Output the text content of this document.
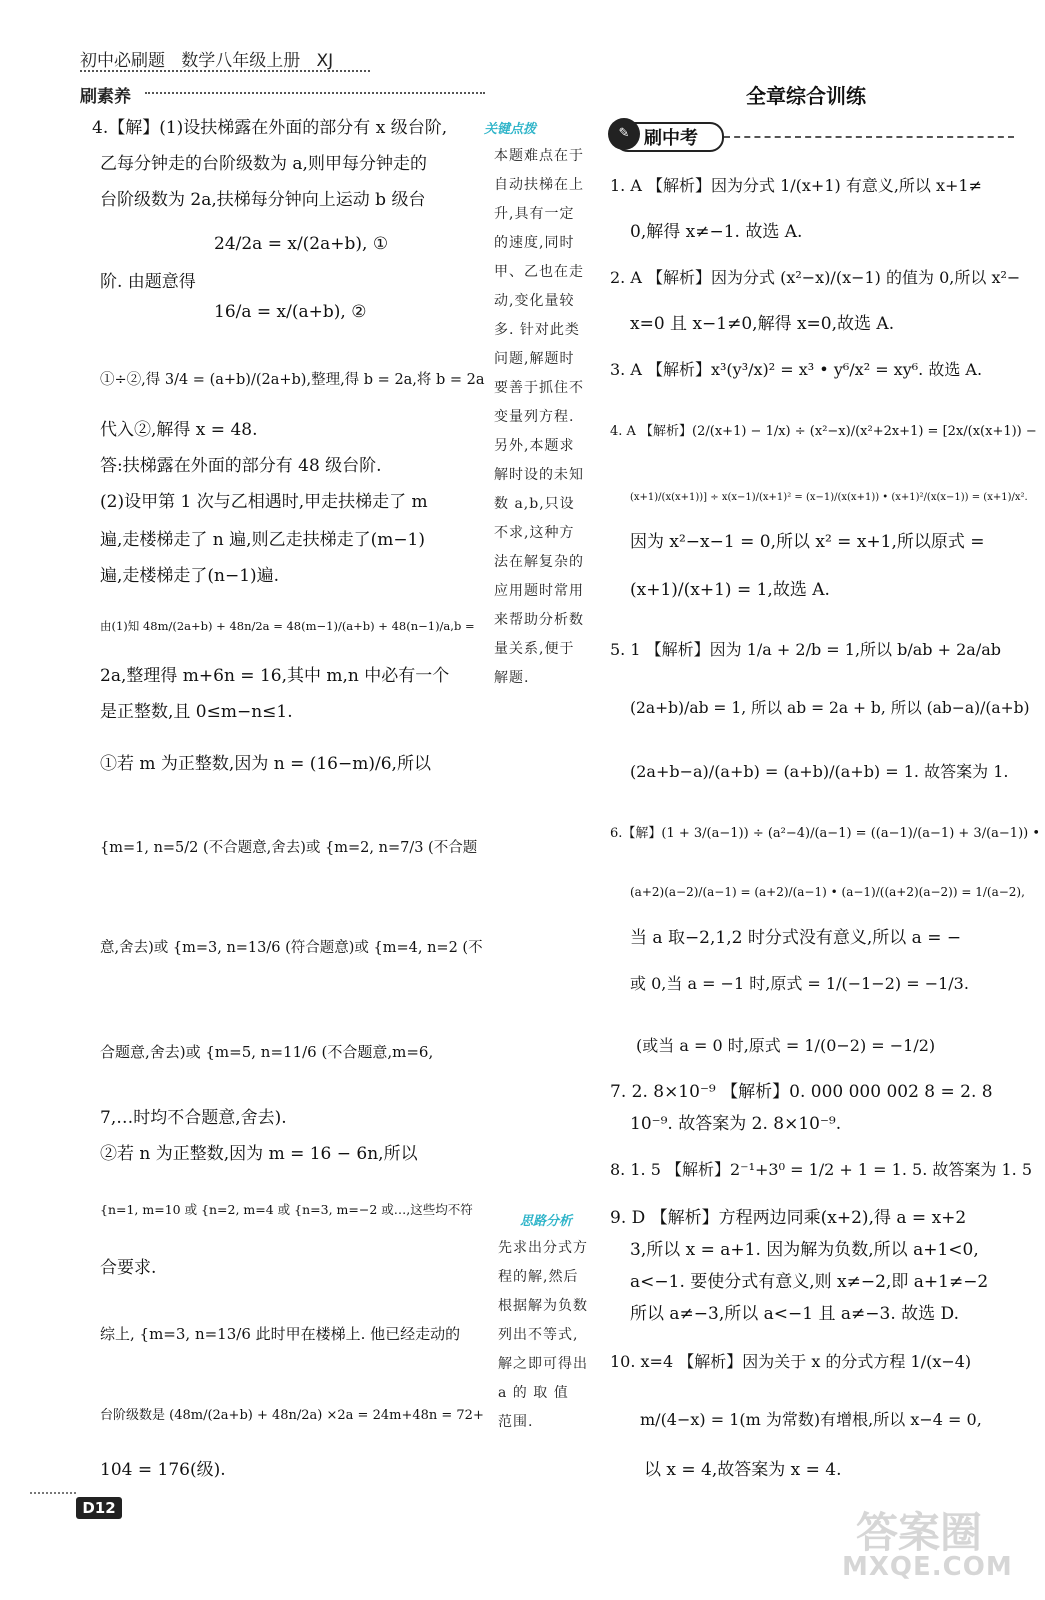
初中必刷题 数学八年级上册 XJ
刷素养	全章综合训练
✎ 刷中考
4.【解】(1)设扶梯露在外面的部分有 x 级台阶,
乙每分钟走的台阶级数为 a,则甲每分钟走的
台阶级数为 2a,扶梯每分钟向上运动 b 级台
24/2a = x/(2a+b), ①
阶. 由题意得
16/a = x/(a+b), ②
①÷②,得 3/4 = (a+b)/(2a+b),整理,得 b = 2a,将 b = 2a
代入②,解得 x = 48.
答:扶梯露在外面的部分有 48 级台阶.
(2)设甲第 1 次与乙相遇时,甲走扶梯走了 m
遍,走楼梯走了 n 遍,则乙走扶梯走了(m−1)
遍,走楼梯走了(n−1)遍.
由(1)知 48m/(2a+b) + 48n/2a = 48(m−1)/(a+b) + 48(n−1)/a,b =
2a,整理得 m+6n = 16,其中 m,n 中必有一个
是正整数,且 0≤m−n≤1.
①若 m 为正整数,因为 n = (16−m)/6,所以
{m=1, n=5/2 (不合题意,舍去)或 {m=2, n=7/3 (不合题
意,舍去)或 {m=3, n=13/6 (符合题意)或 {m=4, n=2 (不
合题意,舍去)或 {m=5, n=11/6 (不合题意,m=6,
7,…时均不合题意,舍去).
②若 n 为正整数,因为 m = 16 − 6n,所以
{n=1, m=10 或 {n=2, m=4 或 {n=3, m=−2 或…,这些均不符
合要求.
综上, {m=3, n=13/6 此时甲在楼梯上. 他已经走动的
台阶级数是 (48m/(2a+b) + 48n/2a) ×2a = 24m+48n = 72+
104 = 176(级).
关键点拨
本题难点在于
自动扶梯在上
升,具有一定
的速度,同时
甲、乙也在走
动,变化量较
多. 针对此类
问题,解题时
要善于抓住不
变量列方程.
另外,本题求
解时设的未知
数 a,b,只设
不求,这种方
法在解复杂的
应用题时常用
来帮助分析数
量关系,便于
解题.
思路分析
先求出分式方
程的解,然后
根据解为负数
列出不等式,
解之即可得出
a 的 取 值
范围.
1. A 【解析】因为分式 1/(x+1) 有意义,所以 x+1≠
0,解得 x≠−1. 故选 A.
2. A 【解析】因为分式 (x²−x)/(x−1) 的值为 0,所以 x²−
x=0 且 x−1≠0,解得 x=0,故选 A.
3. A 【解析】x³(y³/x)² = x³ • y⁶/x² = xy⁶. 故选 A.
4. A 【解析】(2/(x+1) − 1/x) ÷ (x²−x)/(x²+2x+1) = [2x/(x(x+1)) −
(x+1)/(x(x+1))] ÷ x(x−1)/(x+1)² = (x−1)/(x(x+1)) • (x+1)²/(x(x−1)) = (x+1)/x².
因为 x²−x−1 = 0,所以 x² = x+1,所以原式 =
(x+1)/(x+1) = 1,故选 A.
5. 1 【解析】因为 1/a + 2/b = 1,所以 b/ab + 2a/ab
(2a+b)/ab = 1, 所以 ab = 2a + b, 所以 (ab−a)/(a+b)
(2a+b−a)/(a+b) = (a+b)/(a+b) = 1. 故答案为 1.
6.【解】(1 + 3/(a−1)) ÷ (a²−4)/(a−1) = ((a−1)/(a−1) + 3/(a−1)) •
(a+2)(a−2)/(a−1) = (a+2)/(a−1) • (a−1)/((a+2)(a−2)) = 1/(a−2),
当 a 取−2,1,2 时分式没有意义,所以 a = −
或 0,当 a = −1 时,原式 = 1/(−1−2) = −1/3.
(或当 a = 0 时,原式 = 1/(0−2) = −1/2)
7. 2. 8×10⁻⁹ 【解析】0. 000 000 002 8 = 2. 8
10⁻⁹. 故答案为 2. 8×10⁻⁹.
8. 1. 5 【解析】2⁻¹+3⁰ = 1/2 + 1 = 1. 5. 故答案为 1. 5
9. D 【解析】方程两边同乘(x+2),得 a = x+2
3,所以 x = a+1. 因为解为负数,所以 a+1<0,
a<−1. 要使分式有意义,则 x≠−2,即 a+1≠−2
所以 a≠−3,所以 a<−1 且 a≠−3. 故选 D.
10. x=4 【解析】因为关于 x 的分式方程 1/(x−4)
m/(4−x) = 1(m 为常数)有增根,所以 x−4 = 0,
以 x = 4,故答案为 x = 4.
D12	答案圈
MXQE.COM
